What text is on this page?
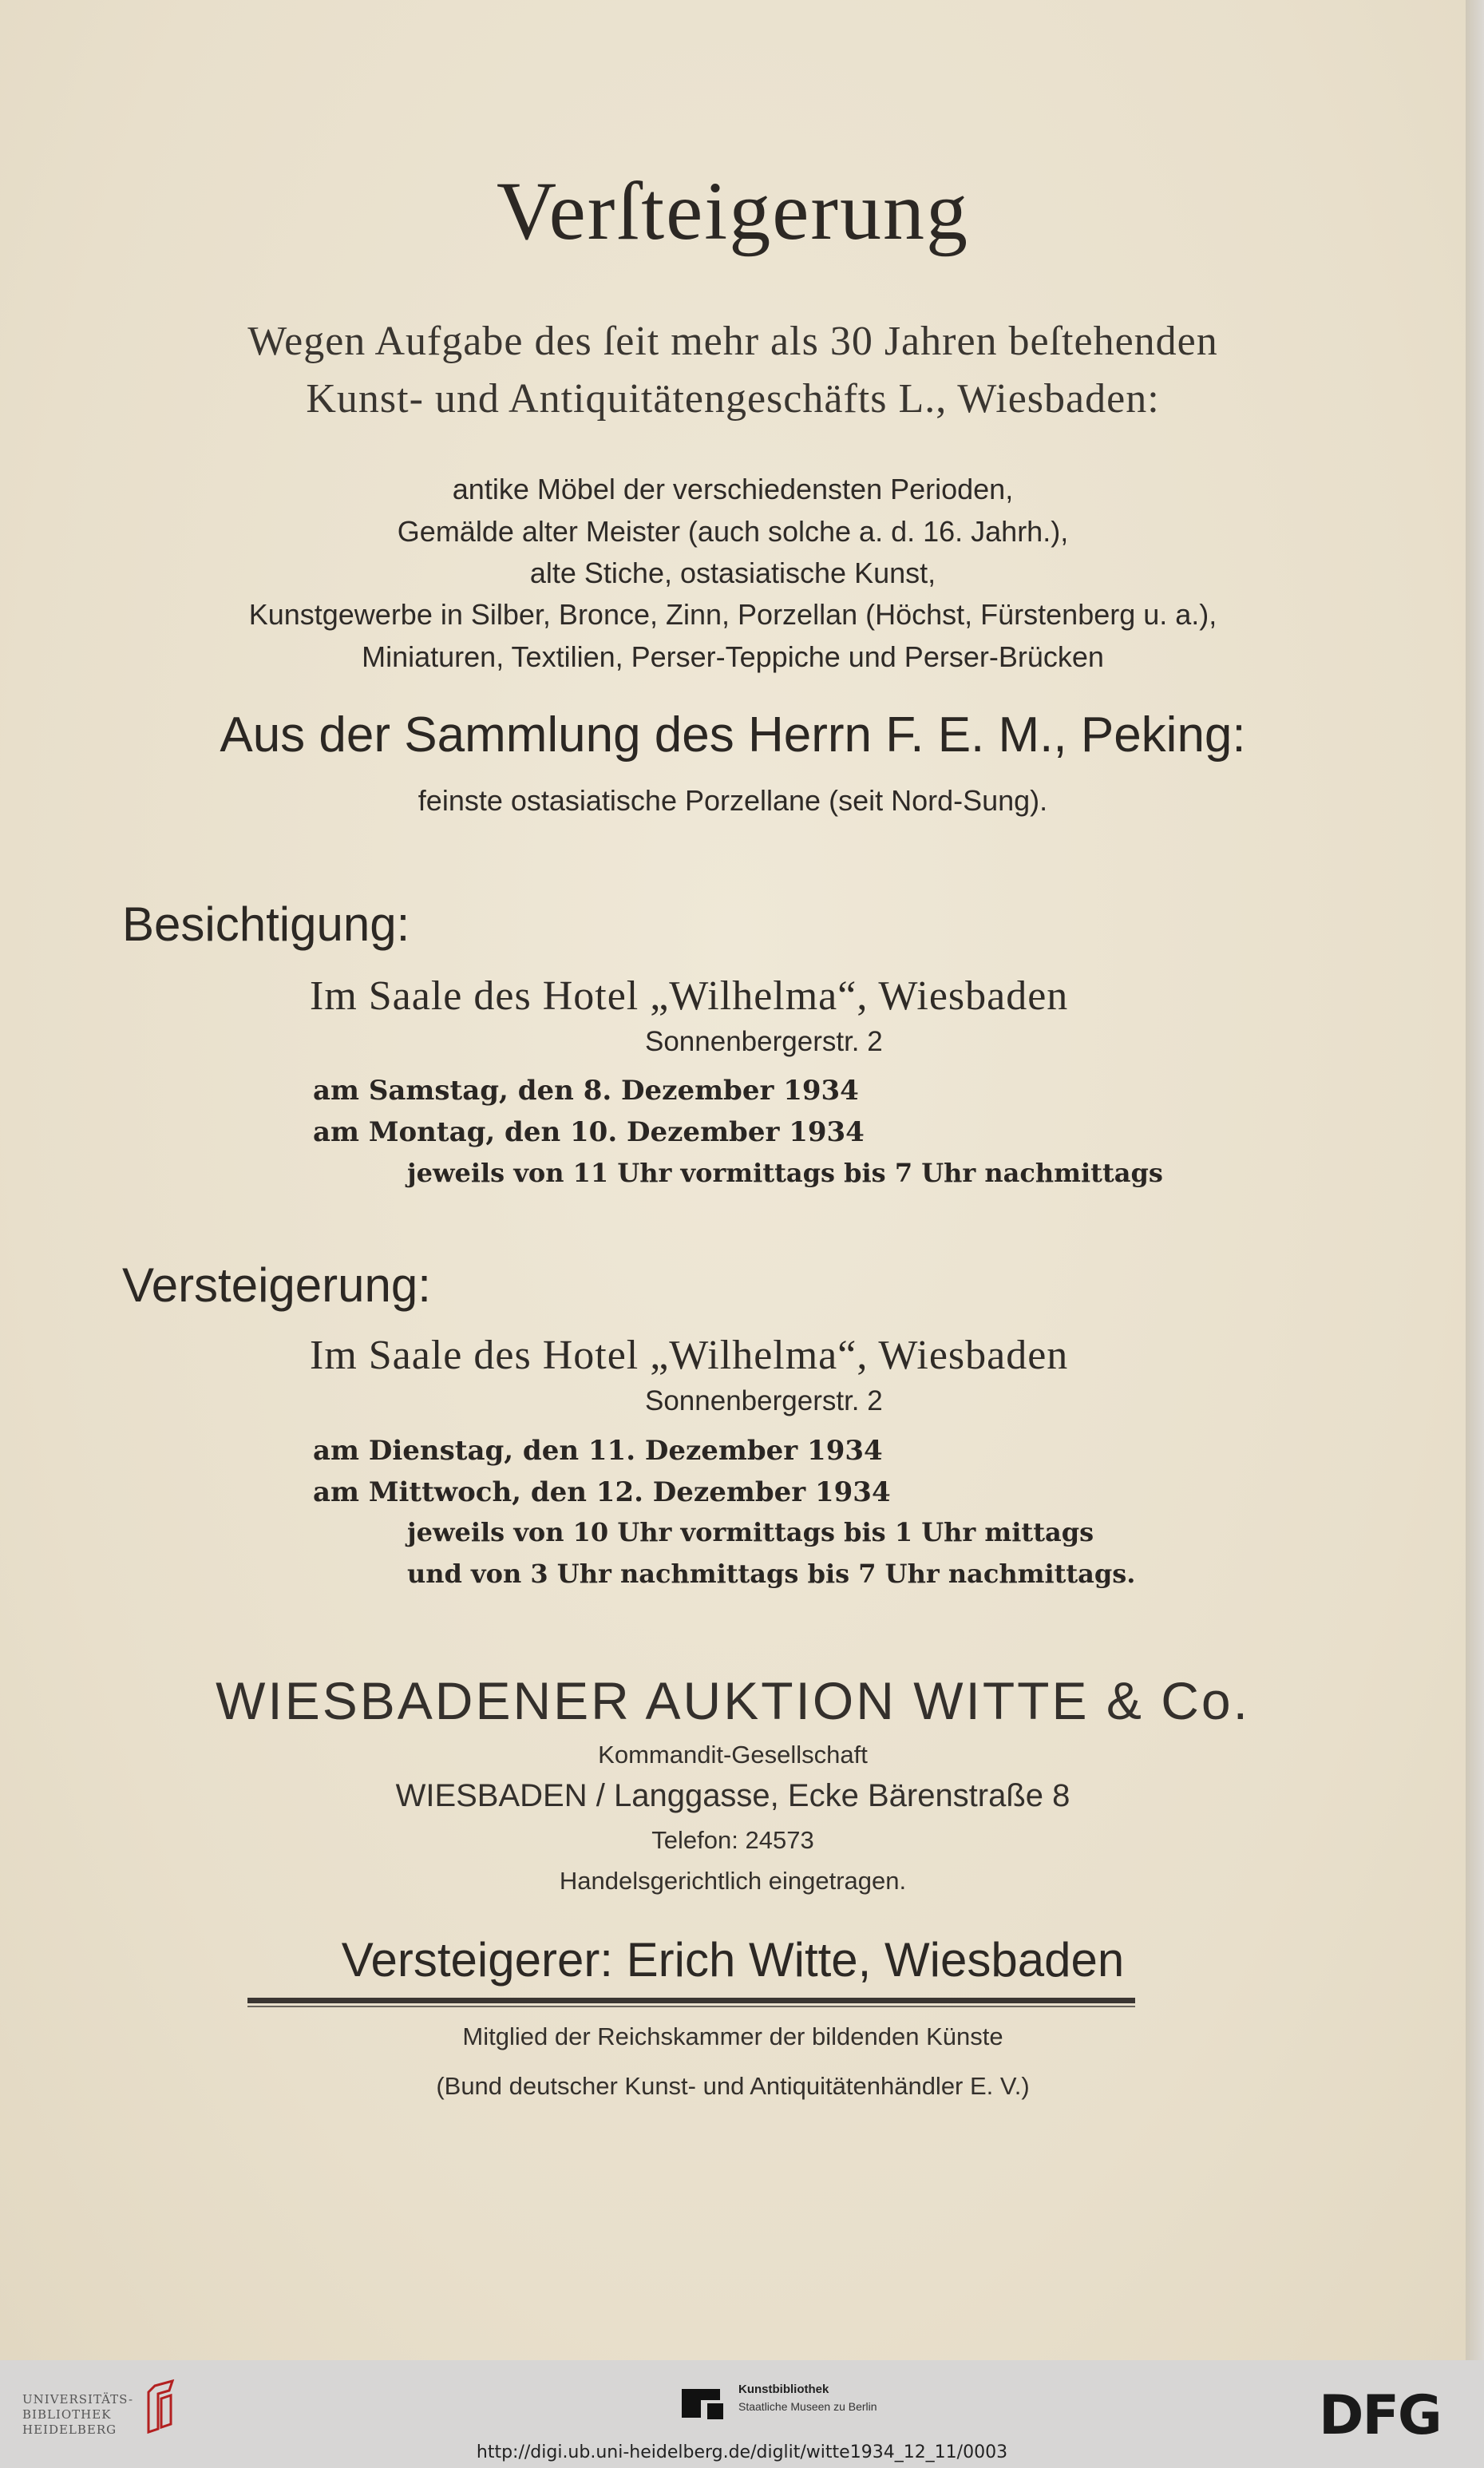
Verſteigerung
Wegen Aufgabe des ſeit mehr als 30 Jahren beſtehenden
Kunst- und Antiquitätengeschäfts L., Wiesbaden:
antike Möbel der verschiedensten Perioden,
Gemälde alter Meister (auch solche a. d. 16. Jahrh.),
alte Stiche, ostasiatische Kunst,
Kunstgewerbe in Silber, Bronce, Zinn, Porzellan (Höchst, Fürstenberg u. a.),
Miniaturen, Textilien, Perser-Teppiche und Perser-Brücken
Aus der Sammlung des Herrn F. E. M., Peking:
feinste ostasiatische Porzellane (seit Nord-Sung).
Besichtigung:
Im Saale des Hotel „Wilhelma“, Wiesbaden
Sonnenbergerstr. 2
am Samstag, den 8. Dezember 1934
am Montag, den 10. Dezember 1934
jeweils von 11 Uhr vormittags bis 7 Uhr nachmittags
Versteigerung:
Im Saale des Hotel „Wilhelma“, Wiesbaden
Sonnenbergerstr. 2
am Dienstag, den 11. Dezember 1934
am Mittwoch, den 12. Dezember 1934
jeweils von 10 Uhr vormittags bis 1 Uhr mittags
und von 3 Uhr nachmittags bis 7 Uhr nachmittags.
WIESBADENER AUKTION WITTE & Co.
Kommandit-Gesellschaft
WIESBADEN / Langgasse, Ecke Bärenstraße 8
Telefon: 24573
Handelsgerichtlich eingetragen.
Versteigerer: Erich Witte, Wiesbaden
Mitglied der Reichskammer der bildenden Künste
(Bund deutscher Kunst- und Antiquitätenhändler E. V.)
UNIVERSITÄTS-
BIBLIOTHEK
HEIDELBERG
Kunstbibliothek
Staatliche Museen zu Berlin	DFG
http://digi.ub.uni-heidelberg.de/diglit/witte1934_12_11/0003
